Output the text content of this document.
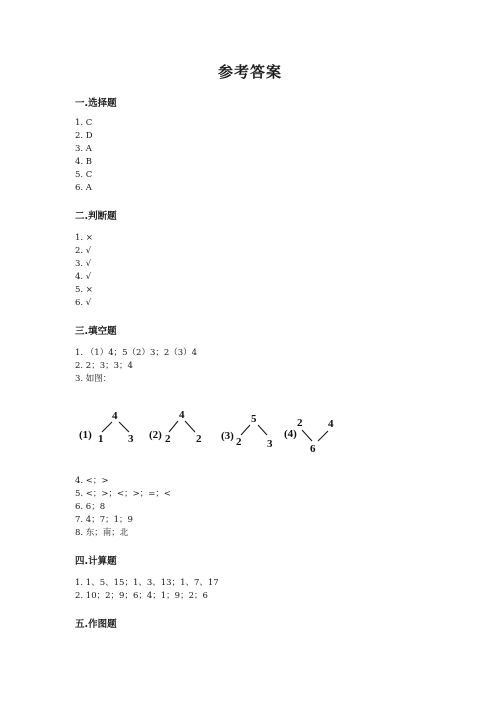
参考答案
一.选择题
1. C
2. D
3. A
4. B
5. C
6. A
二.判断题
1. ×
2. √
3. √
4. √
5. ×
6. √
三.填空题
1. （1）4；5（2）3；2（3）4
2. 2；3；3；4
3. 如图：
(1)
4
1 3 (2)
4
2 2 (3)
5
2 3
(4)
2 4
6
4. <；>
5. <；>；<；>；=；<
6. 6；8
7. 4；7；1；9
8. 东；南；北
四.计算题
1. 1、5、15；1、3、13；1、7、17
2. 10；2；9；6；4；1；9；2；6
五.作图题
